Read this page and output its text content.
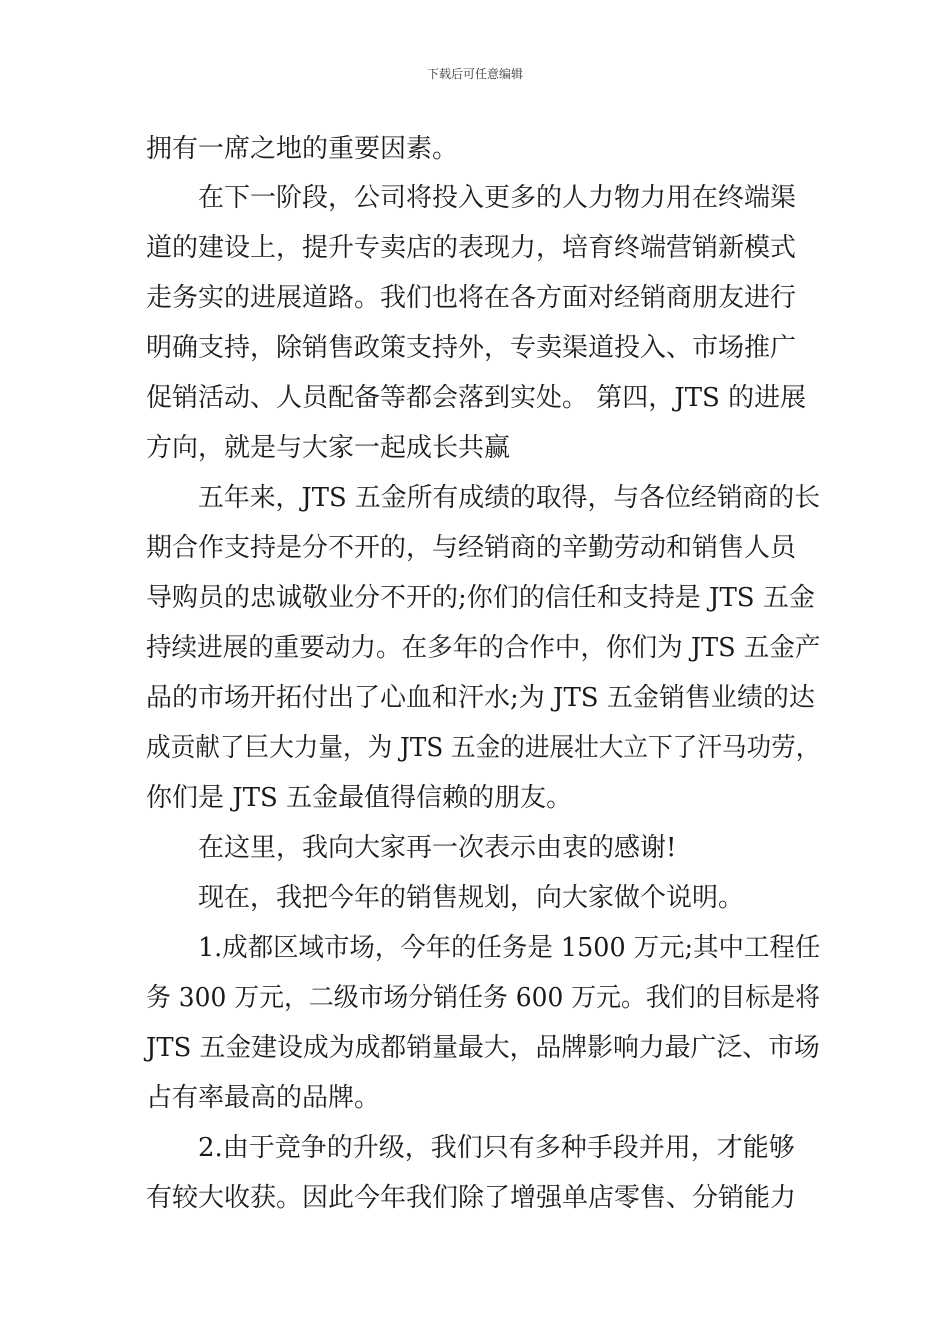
下载后可任意编辑
拥有一席之地的重要因素。
在下一阶段，公司将投入更多的人力物力用在终端渠
道的建设上，提升专卖店的表现力，培育终端营销新模式
走务实的进展道路。我们也将在各方面对经销商朋友进行
明确支持，除销售政策支持外，专卖渠道投入、市场推广
促销活动、人员配备等都会落到实处。 第四，JTS 的进展
方向，就是与大家一起成长共赢
五年来，JTS 五金所有成绩的取得，与各位经销商的长
期合作支持是分不开的，与经销商的辛勤劳动和销售人员
导购员的忠诚敬业分不开的;你们的信任和支持是 JTS 五金
持续进展的重要动力。在多年的合作中，你们为 JTS 五金产
品的市场开拓付出了心血和汗水;为 JTS 五金销售业绩的达
成贡献了巨大力量，为 JTS 五金的进展壮大立下了汗马功劳，
你们是 JTS 五金最值得信赖的朋友。
在这里，我向大家再一次表示由衷的感谢!
现在，我把今年的销售规划，向大家做个说明。
1.成都区域市场，今年的任务是 1500 万元;其中工程任
务 300 万元，二级市场分销任务 600 万元。我们的目标是将
JTS 五金建设成为成都销量最大，品牌影响力最广泛、市场
占有率最高的品牌。
2.由于竞争的升级，我们只有多种手段并用，才能够
有较大收获。因此今年我们除了增强单店零售、分销能力
